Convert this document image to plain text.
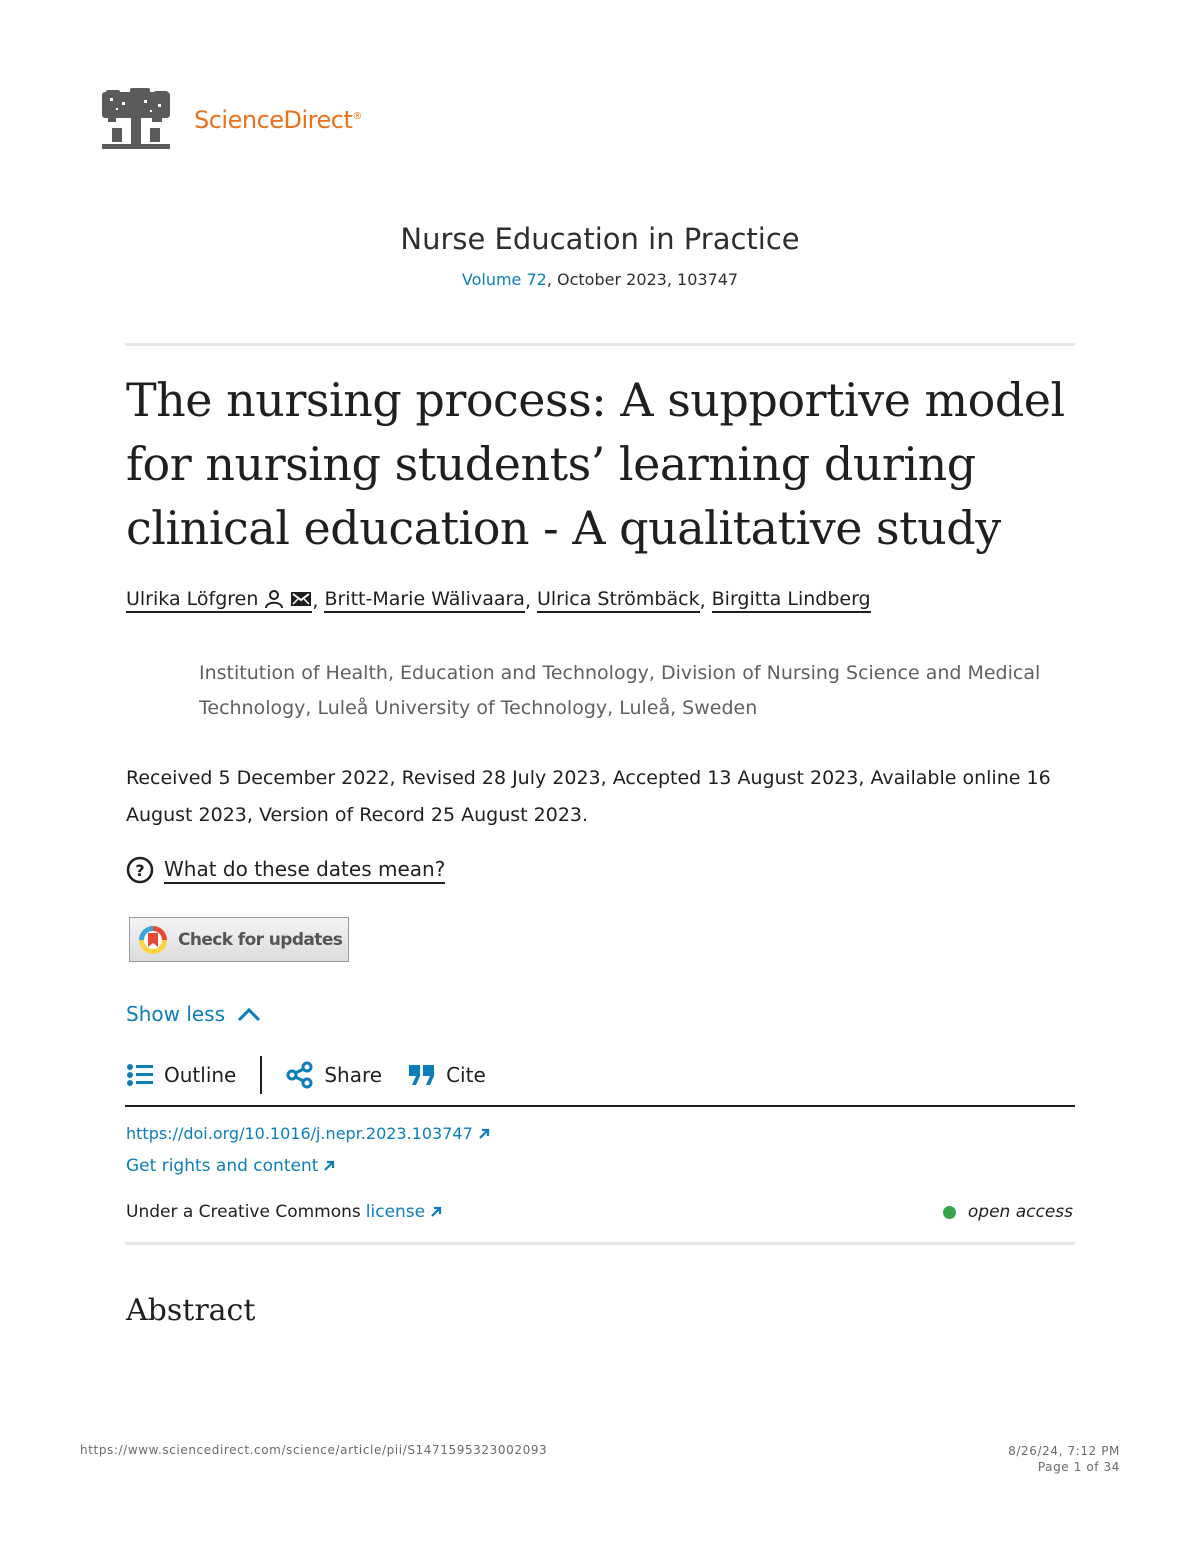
ScienceDirect®
Nurse Education in Practice
Volume 72, October 2023, 103747
The nursing process: A supportive model for nursing students’ learning during clinical education - A qualitative study
Ulrika Löfgren	, Britt-Marie Wälivaara , Ulrica Strömbäck , Birgitta Lindberg
Institution of Health, Education and Technology, Division of Nursing Science and Medical Technology, Luleå University of Technology, Luleå, Sweden
Received 5 December 2022, Revised 28 July 2023, Accepted 13 August 2023, Available online 16 August 2023, Version of Record 25 August 2023.
? What do these dates mean?
Check for updates
Show less
Outline	Share	Cite
https://doi.org/10.1016/j.nepr.2023.103747
Get rights and content
Under a Creative Commons license	open access
Abstract
https://www.sciencedirect.com/science/article/pii/S1471595323002093	8/26/24, 7:12 PM
Page 1 of 34
